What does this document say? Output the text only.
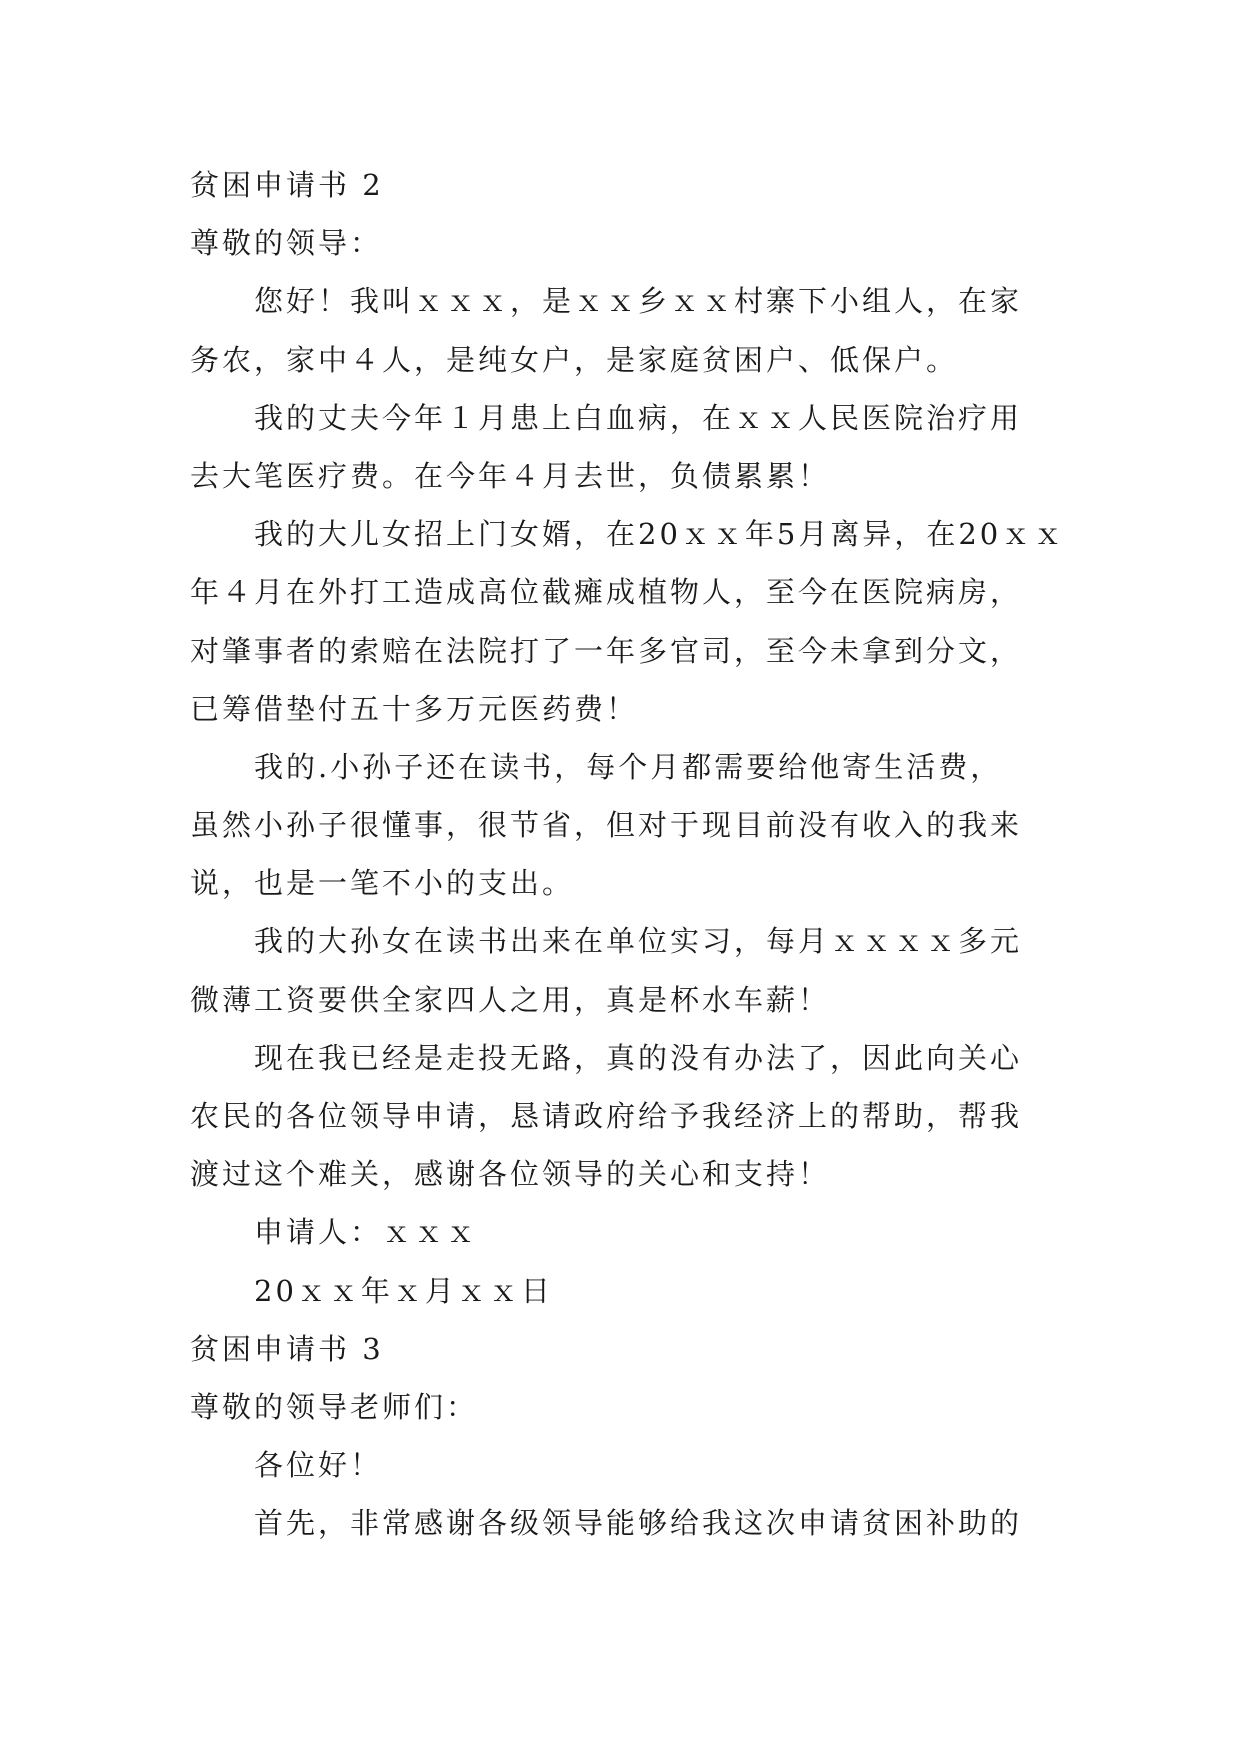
贫困申请书 2
尊敬的领导：
您好！我叫ｘｘｘ，是ｘｘ乡ｘｘ村寨下小组人，在家
务农，家中４人，是纯女户，是家庭贫困户、低保户。
我的丈夫今年１月患上白血病，在ｘｘ人民医院治疗用
去大笔医疗费。在今年４月去世，负债累累！
我的大儿女招上门女婿，在20ｘｘ年5月离异，在20ｘｘ
年４月在外打工造成高位截瘫成植物人，至今在医院病房，
对肇事者的索赔在法院打了一年多官司，至今未拿到分文，
已筹借垫付五十多万元医药费！
我的.小孙子还在读书，每个月都需要给他寄生活费，
虽然小孙子很懂事，很节省，但对于现目前没有收入的我来
说，也是一笔不小的支出。
我的大孙女在读书出来在单位实习，每月ｘｘｘｘ多元
微薄工资要供全家四人之用，真是杯水车薪！
现在我已经是走投无路，真的没有办法了，因此向关心
农民的各位领导申请，恳请政府给予我经济上的帮助，帮我
渡过这个难关，感谢各位领导的关心和支持！
申请人：ｘｘｘ
20ｘｘ年ｘ月ｘｘ日
贫困申请书 3
尊敬的领导老师们：
各位好！
首先，非常感谢各级领导能够给我这次申请贫困补助的
